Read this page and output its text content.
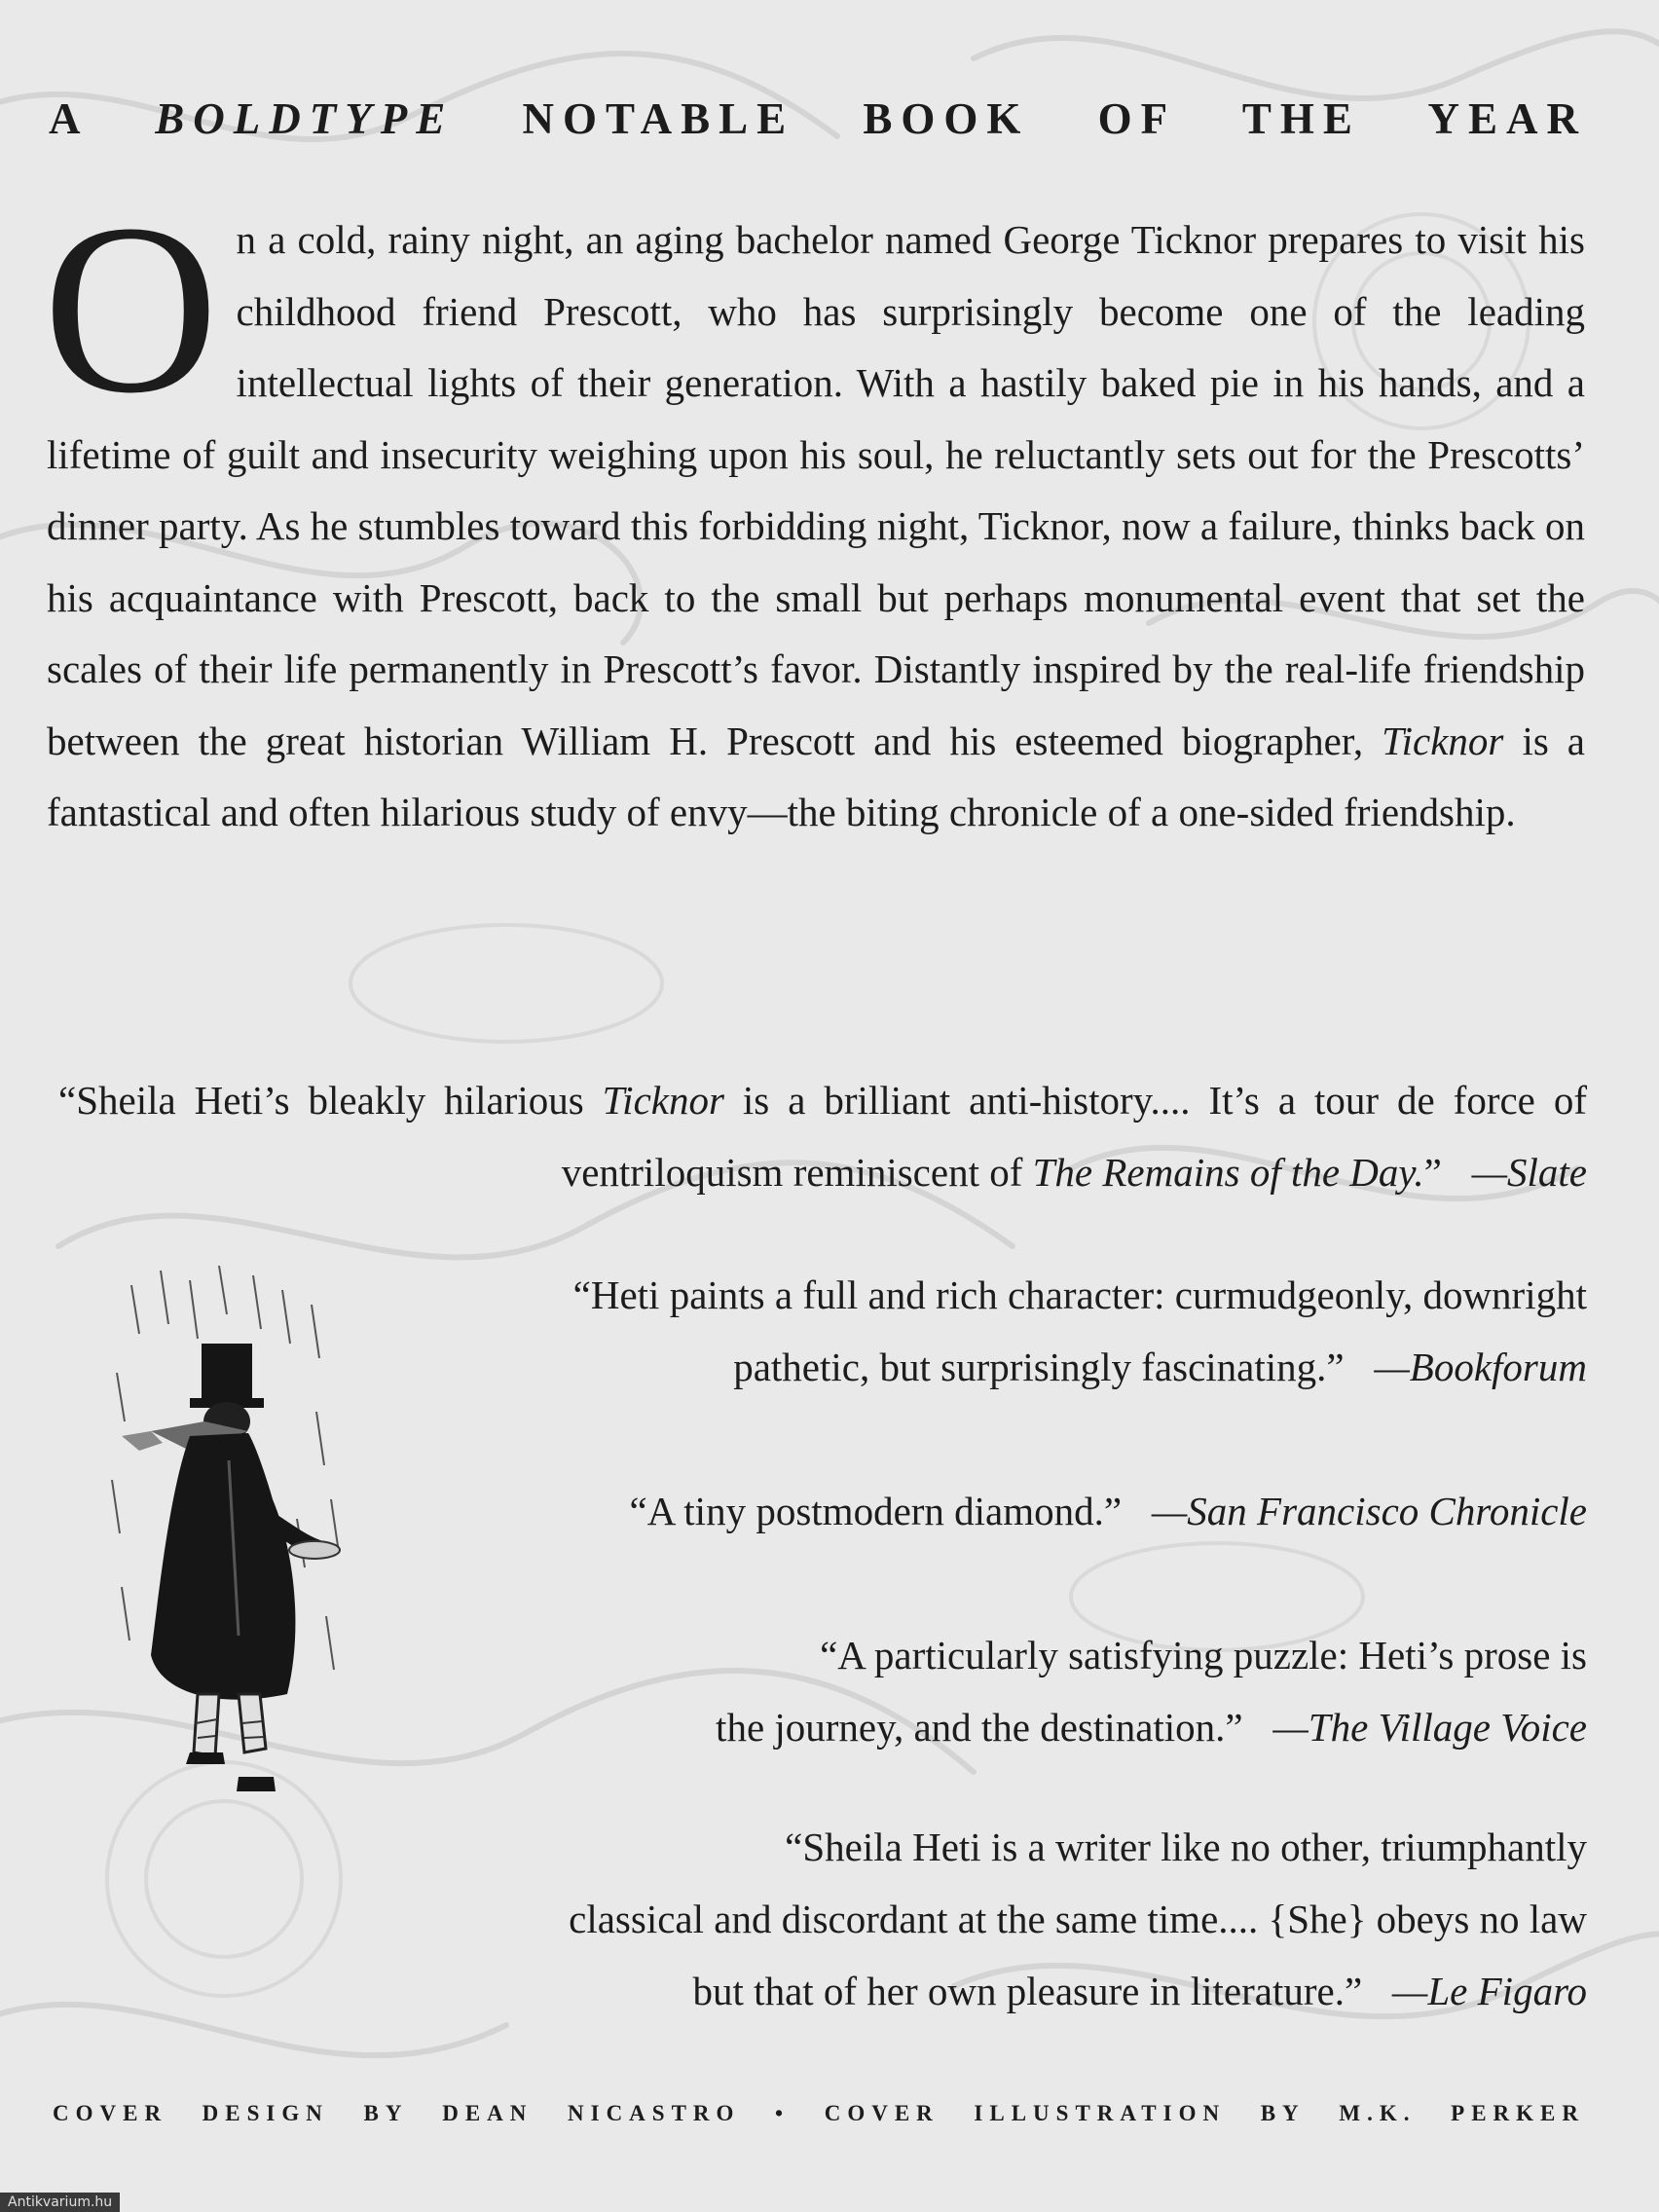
A BOLDTYPE NOTABLE BOOK OF THE YEAR
On a cold, rainy night, an aging bachelor named George Ticknor prepares to visit his childhood friend Prescott, who has surprisingly become one of the leading intellectual lights of their generation. With a hastily baked pie in his hands, and a lifetime of guilt and insecurity weighing upon his soul, he reluctantly sets out for the Prescotts’ dinner party. As he stumbles toward this forbidding night, Ticknor, now a failure, thinks back on his acquaintance with Prescott, back to the small but perhaps monumental event that set the scales of their life permanently in Prescott’s favor. Distantly inspired by the real-life friendship between the great historian William H. Prescott and his esteemed biographer, Ticknor is a fantastical and often hilarious study of envy—the biting chronicle of a one-sided friendship.
“Sheila Heti’s bleakly hilarious Ticknor is a brilliant anti-history.... It’s a tour de force of ventriloquism reminiscent of The Remains of the Day.” —Slate
“Heti paints a full and rich character: curmudgeonly, downright
pathetic, but surprisingly fascinating.” —Bookforum
“A tiny postmodern diamond.” —San Francisco Chronicle
“A particularly satisfying puzzle: Heti’s prose is
the journey, and the destination.” —The Village Voice
“Sheila Heti is a writer like no other, triumphantly
classical and discordant at the same time.... {She} obeys no law
but that of her own pleasure in literature.” —Le Figaro
COVER DESIGN BY DEAN NICASTRO • COVER ILLUSTRATION BY M.K. PERKER
Antikvarium.hu
